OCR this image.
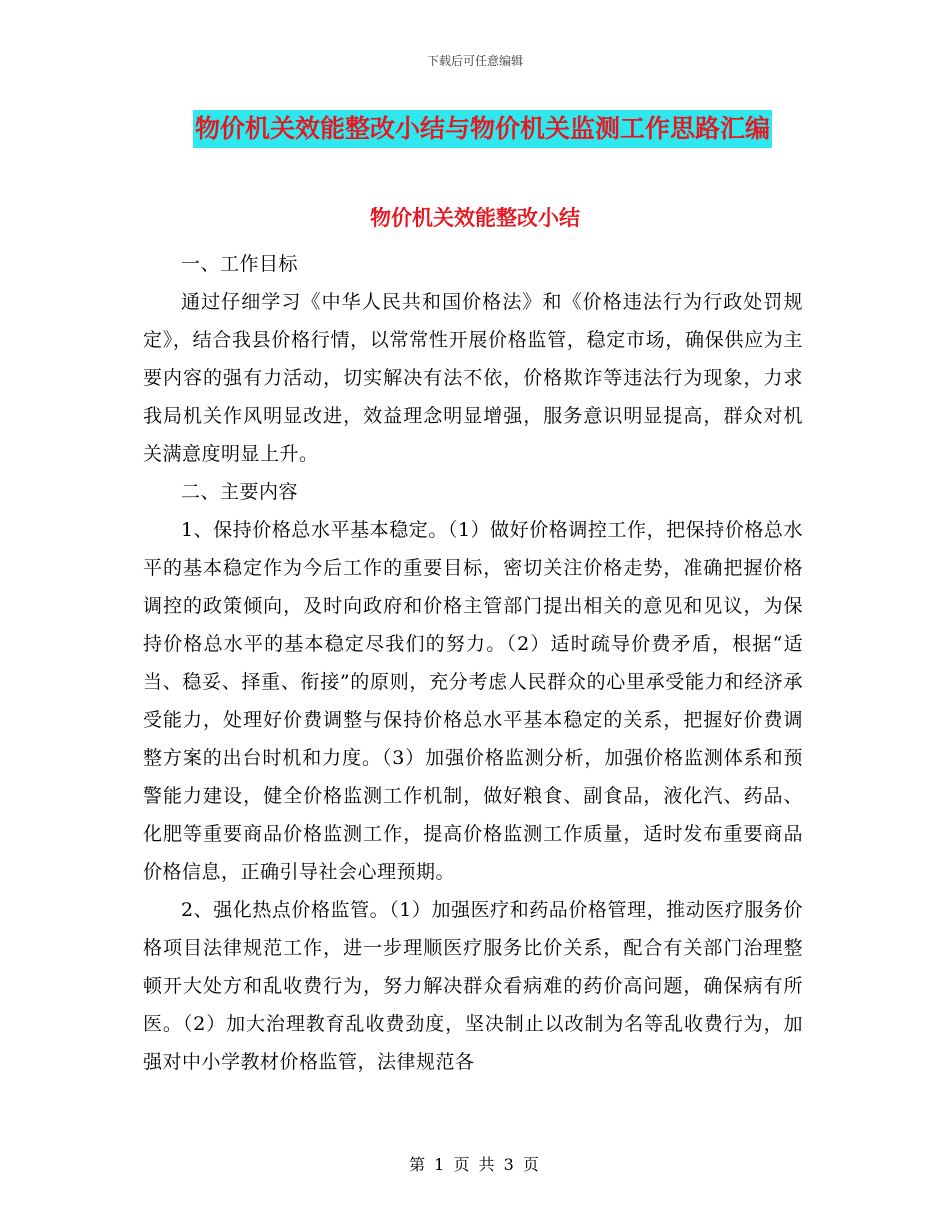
下载后可任意编辑
物价机关效能整改小结与物价机关监测工作思路汇编
物价机关效能整改小结

一、工作目标

通过仔细学习《中华人民共和国价格法》和《价格违法行为行政处罚规定》，结合我县价格行情，以常常性开展价格监管，稳定市场，确保供应为主要内容的强有力活动，切实解决有法不依，价格欺诈等违法行为现象，力求我局机关作风明显改进，效益理念明显增强，服务意识明显提高，群众对机关满意度明显上升。

二、主要内容

1、保持价格总水平基本稳定。（1）做好价格调控工作，把保持价格总水平的基本稳定作为今后工作的重要目标，密切关注价格走势，准确把握价格调控的政策倾向，及时向政府和价格主管部门提出相关的意见和见议，为保持价格总水平的基本稳定尽我们的努力。（2）适时疏导价费矛盾，根据“适当、稳妥、择重、衔接”的原则，充分考虑人民群众的心里承受能力和经济承受能力，处理好价费调整与保持价格总水平基本稳定的关系，把握好价费调整方案的出台时机和力度。（3）加强价格监测分析，加强价格监测体系和预警能力建设，健全价格监测工作机制，做好粮食、副食品，液化汽、药品、化肥等重要商品价格监测工作，提高价格监测工作质量，适时发布重要商品价格信息，正确引导社会心理预期。

2、强化热点价格监管。（1）加强医疗和药品价格管理，推动医疗服务价格项目法律规范工作，进一步理顺医疗服务比价关系，配合有关部门治理整顿开大处方和乱收费行为，努力解决群众看病难的药价高问题，确保病有所医。（2）加大治理教育乱收费劲度，坚决制止以改制为名等乱收费行为，加强对中小学教材价格监管，法律规范各

第 1 页 共 3 页
